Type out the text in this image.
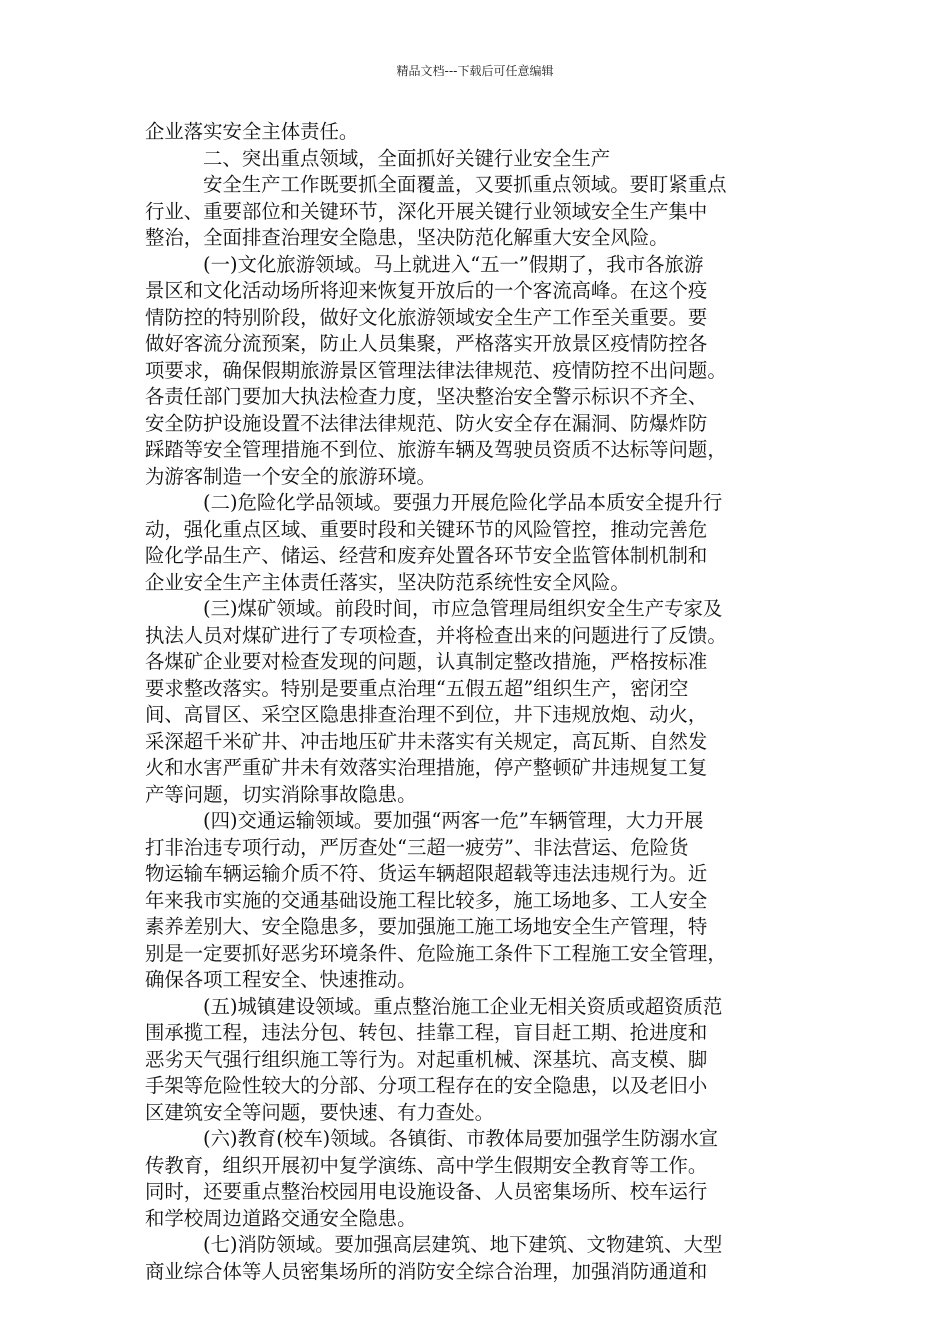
精品文档---下载后可任意编辑
企业落实安全主体责任。
二、突出重点领域，全面抓好关键行业安全生产
安全生产工作既要抓全面覆盖，又要抓重点领域。要盯紧重点
行业、重要部位和关键环节，深化开展关键行业领域安全生产集中
整治，全面排查治理安全隐患，坚决防范化解重大安全风险。
(一)文化旅游领域。马上就进入“五一”假期了，我市各旅游
景区和文化活动场所将迎来恢复开放后的一个客流高峰。在这个疫
情防控的特别阶段，做好文化旅游领域安全生产工作至关重要。要
做好客流分流预案，防止人员集聚，严格落实开放景区疫情防控各
项要求，确保假期旅游景区管理法律法律规范、疫情防控不出问题。
各责任部门要加大执法检查力度，坚决整治安全警示标识不齐全、
安全防护设施设置不法律法律规范、防火安全存在漏洞、防爆炸防
踩踏等安全管理措施不到位、旅游车辆及驾驶员资质不达标等问题，
为游客制造一个安全的旅游环境。
(二)危险化学品领域。要强力开展危险化学品本质安全提升行
动，强化重点区域、重要时段和关键环节的风险管控，推动完善危
险化学品生产、储运、经营和废弃处置各环节安全监管体制机制和
企业安全生产主体责任落实，坚决防范系统性安全风险。
(三)煤矿领域。前段时间，市应急管理局组织安全生产专家及
执法人员对煤矿进行了专项检查，并将检查出来的问题进行了反馈。
各煤矿企业要对检查发现的问题，认真制定整改措施，严格按标准
要求整改落实。特别是要重点治理“五假五超”组织生产，密闭空
间、高冒区、采空区隐患排查治理不到位，井下违规放炮、动火，
采深超千米矿井、冲击地压矿井未落实有关规定，高瓦斯、自然发
火和水害严重矿井未有效落实治理措施，停产整顿矿井违规复工复
产等问题，切实消除事故隐患。
(四)交通运输领域。要加强“两客一危”车辆管理，大力开展
打非治违专项行动，严厉查处“三超一疲劳”、非法营运、危险货
物运输车辆运输介质不符、货运车辆超限超载等违法违规行为。近
年来我市实施的交通基础设施工程比较多，施工场地多、工人安全
素养差别大、安全隐患多，要加强施工施工场地安全生产管理，特
别是一定要抓好恶劣环境条件、危险施工条件下工程施工安全管理，
确保各项工程安全、快速推动。
(五)城镇建设领域。重点整治施工企业无相关资质或超资质范
围承揽工程，违法分包、转包、挂靠工程，盲目赶工期、抢进度和
恶劣天气强行组织施工等行为。对起重机械、深基坑、高支模、脚
手架等危险性较大的分部、分项工程存在的安全隐患，以及老旧小
区建筑安全等问题，要快速、有力查处。
(六)教育(校车)领域。各镇街、市教体局要加强学生防溺水宣
传教育，组织开展初中复学演练、高中学生假期安全教育等工作。
同时，还要重点整治校园用电设施设备、人员密集场所、校车运行
和学校周边道路交通安全隐患。
(七)消防领域。要加强高层建筑、地下建筑、文物建筑、大型
商业综合体等人员密集场所的消防安全综合治理，加强消防通道和
